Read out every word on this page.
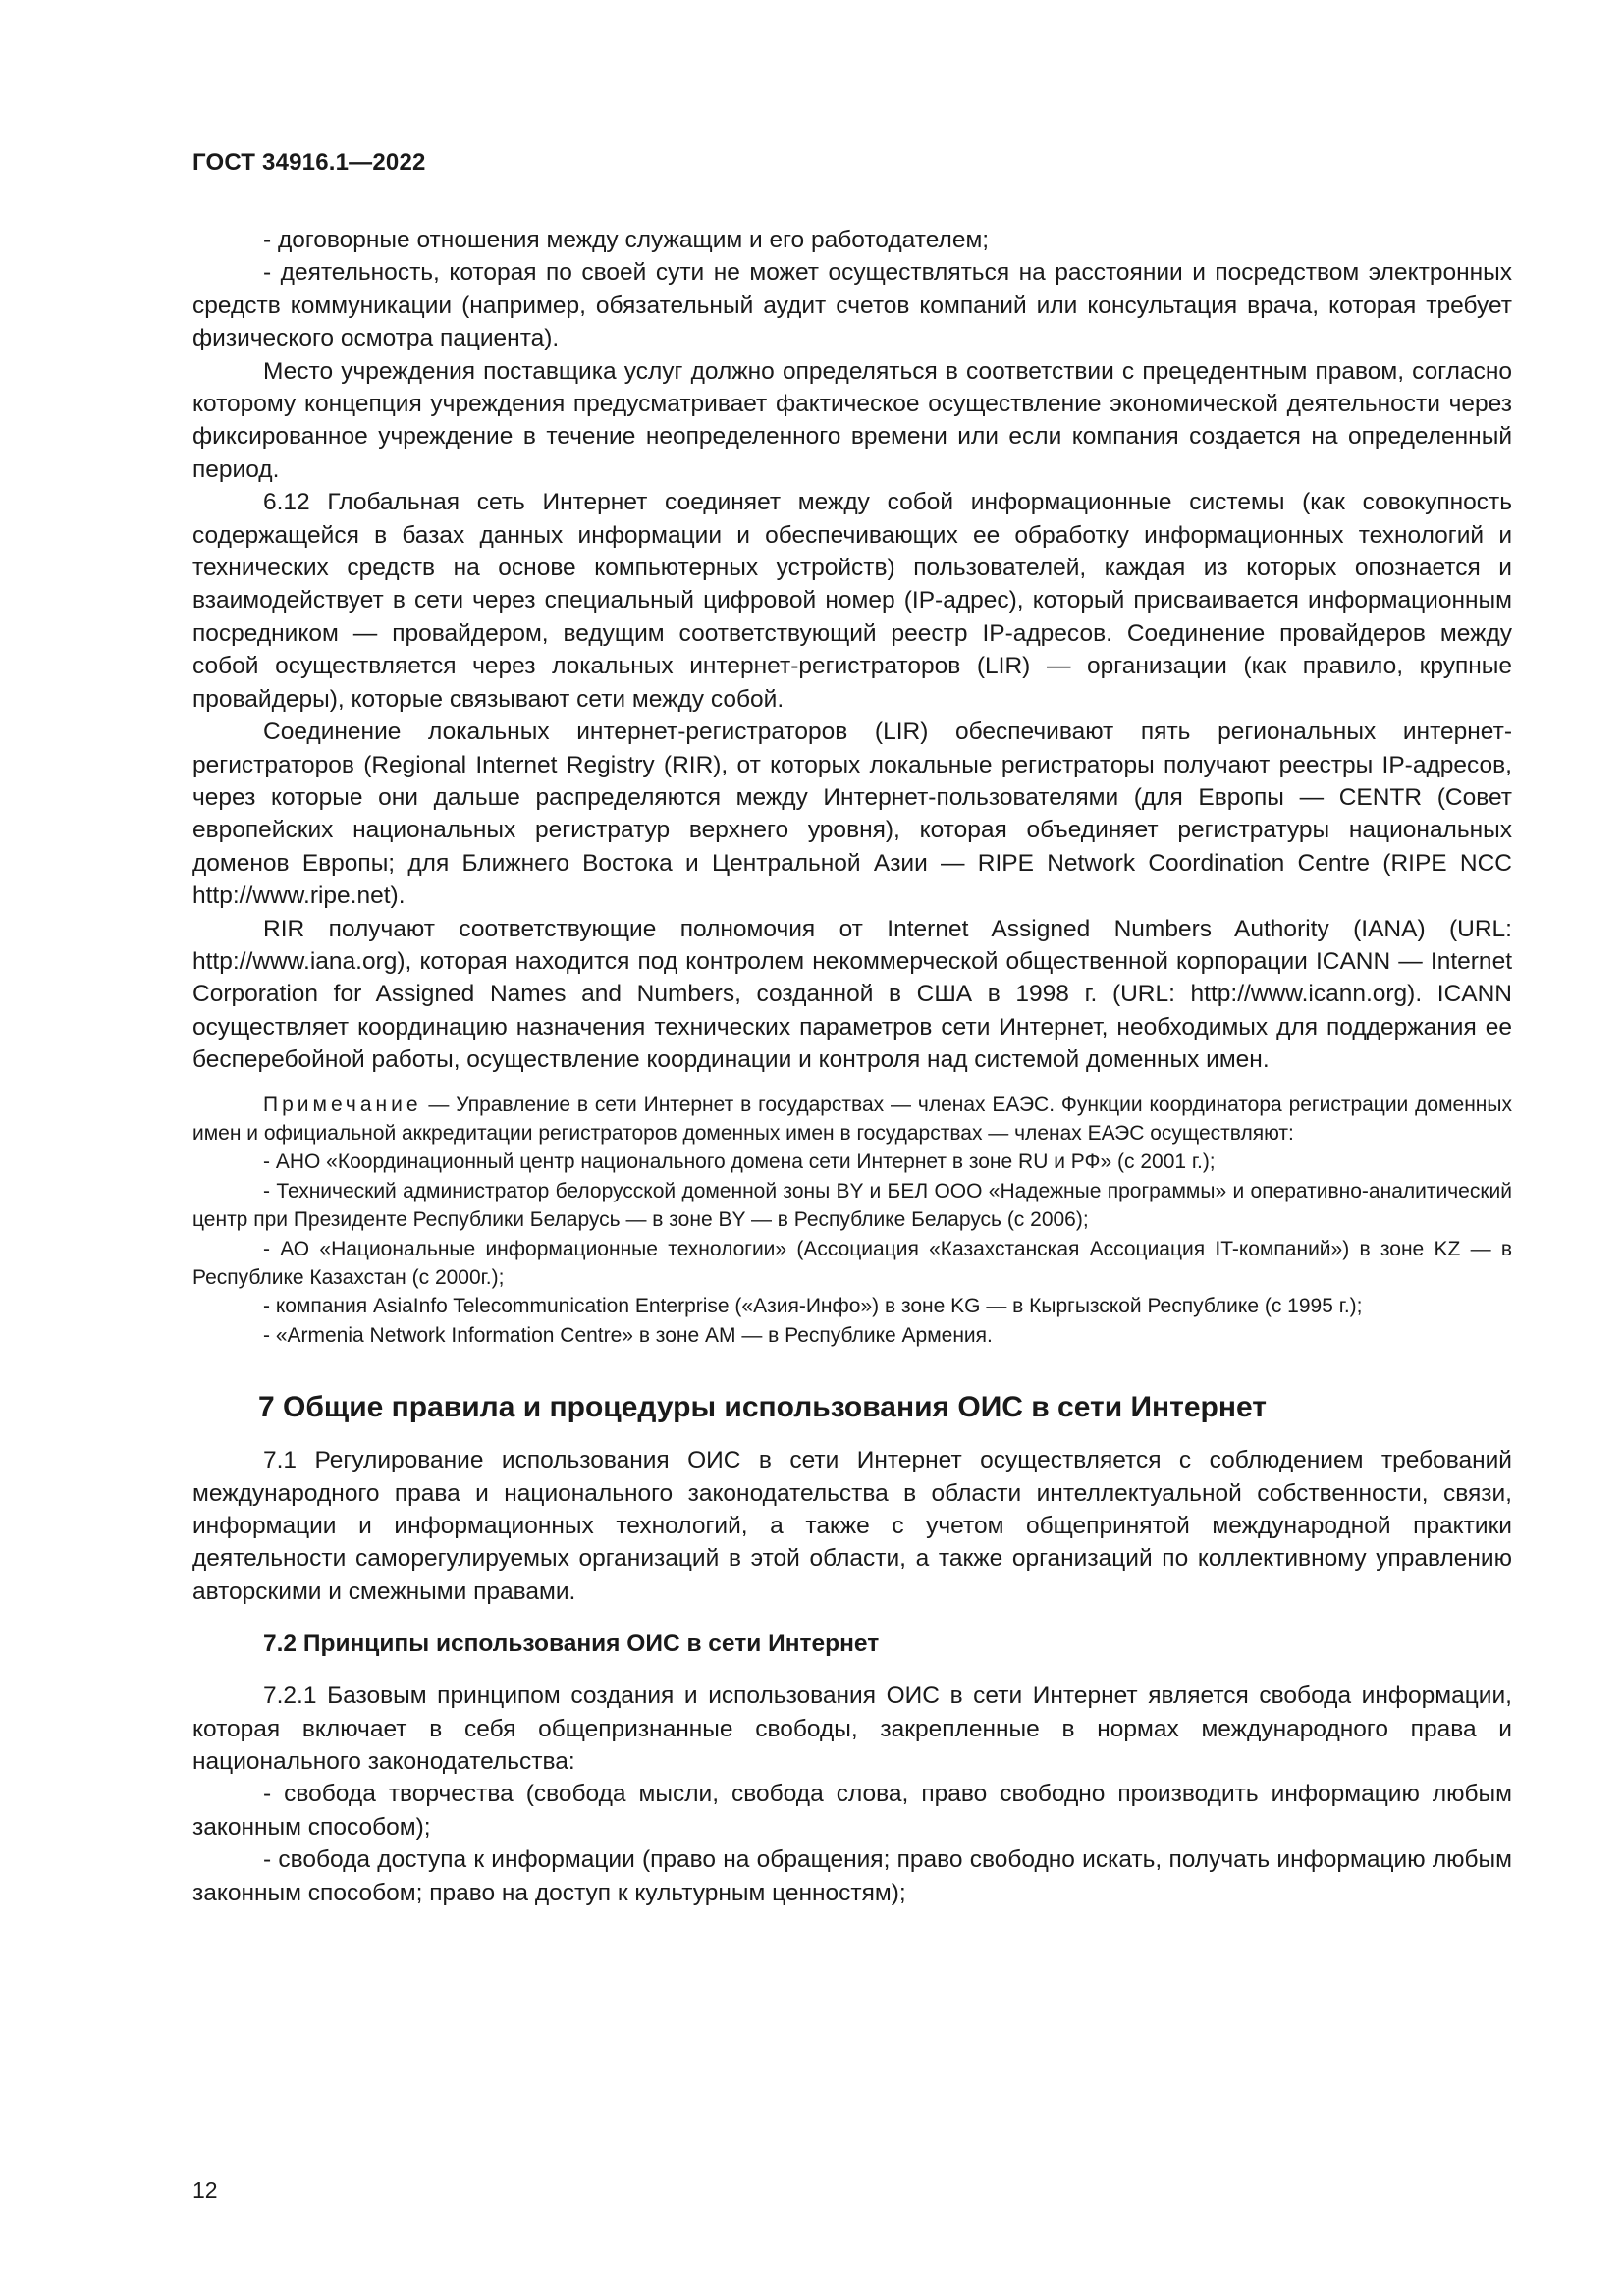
ГОСТ 34916.1—2022

- договорные отношения между служащим и его работодателем;

- деятельность, которая по своей сути не может осуществляться на расстоянии и посредством электронных средств коммуникации (например, обязательный аудит счетов компаний или консультация врача, которая требует физического осмотра пациента).

Место учреждения поставщика услуг должно определяться в соответствии с прецедентным правом, согласно которому концепция учреждения предусматривает фактическое осуществление экономической деятельности через фиксированное учреждение в течение неопределенного времени или если компания создается на определенный период.

6.12 Глобальная сеть Интернет соединяет между собой информационные системы (как совокупность содержащейся в базах данных информации и обеспечивающих ее обработку информационных технологий и технических средств на основе компьютерных устройств) пользователей, каждая из которых опознается и взаимодействует в сети через специальный цифровой номер (IP-адрес), который присваивается информационным посредником — провайдером, ведущим соответствующий реестр IP-адресов. Соединение провайдеров между собой осуществляется через локальных интернет-регистраторов (LIR) — организации (как правило, крупные провайдеры), которые связывают сети между собой.

Соединение локальных интернет-регистраторов (LIR) обеспечивают пять региональных интернет-регистраторов (Regional Internet Registry (RIR), от которых локальные регистраторы получают реестры IP-адресов, через которые они дальше распределяются между Интернет-пользователями (для Европы — CENTR (Совет европейских национальных регистратур верхнего уровня), которая объединяет регистратуры национальных доменов Европы; для Ближнего Востока и Центральной Азии — RIPE Network Coordination Centre (RIPE NCC http://www.ripe.net).

RIR получают соответствующие полномочия от Internet Assigned Numbers Authority (IANA) (URL: http://www.iana.org), которая находится под контролем некоммерческой общественной корпорации ICANN — Internet Corporation for Assigned Names and Numbers, созданной в США в 1998 г. (URL: http://www.icann.org). ICANN осуществляет координацию назначения технических параметров сети Интернет, необходимых для поддержания ее бесперебойной работы, осуществление координации и контроля над системой доменных имен.

Примечание — Управление в сети Интернет в государствах — членах ЕАЭС. Функции координатора регистрации доменных имен и официальной аккредитации регистраторов доменных имен в государствах — членах ЕАЭС осуществляют:

- АНО «Координационный центр национального домена сети Интернет в зоне RU и РФ» (с 2001 г.);

- Технический администратор белорусской доменной зоны BY и БЕЛ ООО «Надежные программы» и оперативно-аналитический центр при Президенте Республики Беларусь — в зоне BY — в Республике Беларусь (с 2006);

- АО «Национальные информационные технологии» (Ассоциация «Казахстанская Ассоциация IT-компаний») в зоне KZ — в Республике Казахстан (с 2000г.);

- компания AsiaInfo Telecommunication Enterprise («Азия-Инфо») в зоне KG — в Кыргызской Республике (с 1995 г.);

- «Armenia Network Information Centre» в зоне AM — в Республике Армения.

7 Общие правила и процедуры использования ОИС в сети Интернет

7.1 Регулирование использования ОИС в сети Интернет осуществляется с соблюдением требований международного права и национального законодательства в области интеллектуальной собственности, связи, информации и информационных технологий, а также с учетом общепринятой международной практики деятельности саморегулируемых организаций в этой области, а также организаций по коллективному управлению авторскими и смежными правами.

7.2 Принципы использования ОИС в сети Интернет

7.2.1 Базовым принципом создания и использования ОИС в сети Интернет является свобода информации, которая включает в себя общепризнанные свободы, закрепленные в нормах международного права и национального законодательства:

- свобода творчества (свобода мысли, свобода слова, право свободно производить информацию любым законным способом);

- свобода доступа к информации (право на обращения; право свободно искать, получать информацию любым законным способом; право на доступ к культурным ценностям);

12
